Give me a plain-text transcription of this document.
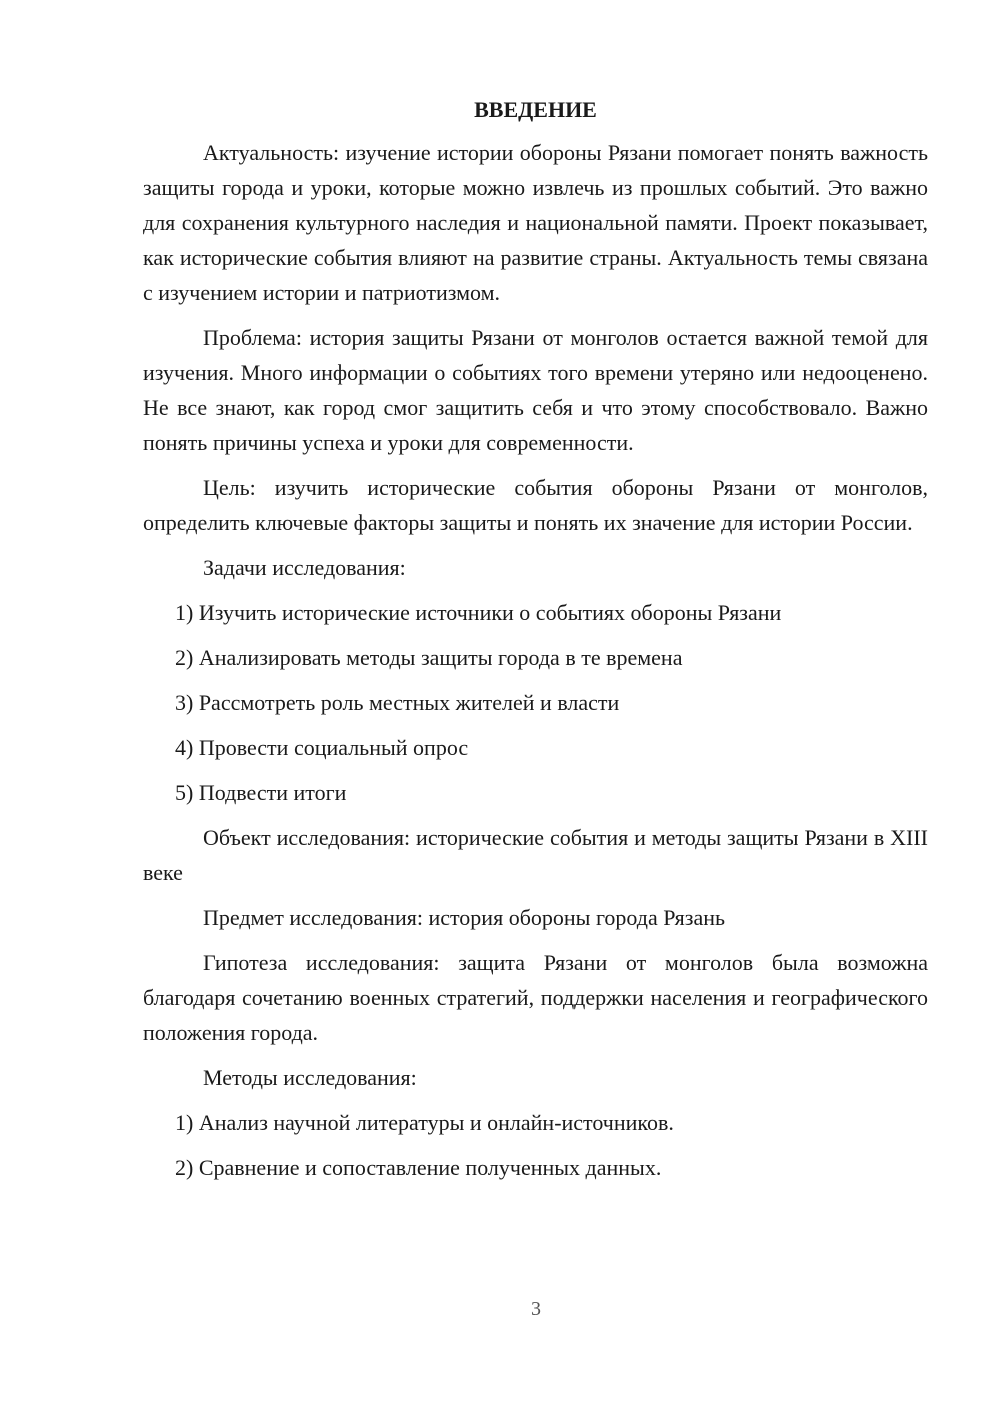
ВВЕДЕНИЕ

Актуальность: изучение истории обороны Рязани помогает понять важность защиты города и уроки, которые можно извлечь из прошлых событий. Это важно для сохранения культурного наследия и национальной памяти. Проект показывает, как исторические события влияют на развитие страны. Актуальность темы связана с изучением истории и патриотизмом.

Проблема: история защиты Рязани от монголов остается важной темой для изучения. Много информации о событиях того времени утеряно или недооценено. Не все знают, как город смог защитить себя и что этому способствовало. Важно понять причины успеха и уроки для современности.

Цель: изучить исторические события обороны Рязани от монголов, определить ключевые факторы защиты и понять их значение для истории России.

Задачи исследования:

1) Изучить исторические источники о событиях обороны Рязани
2) Анализировать методы защиты города в те времена
3) Рассмотреть роль местных жителей и власти
4) Провести социальный опрос
5) Подвести итоги

Объект исследования: исторические события и методы защиты Рязани в XIII веке

Предмет исследования: история обороны города Рязань

Гипотеза исследования: защита Рязани от монголов была возможна благодаря сочетанию военных стратегий, поддержки населения и географического положения города.

Методы исследования:

1) Анализ научной литературы и онлайн-источников.
2) Сравнение и сопоставление полученных данных.
3
